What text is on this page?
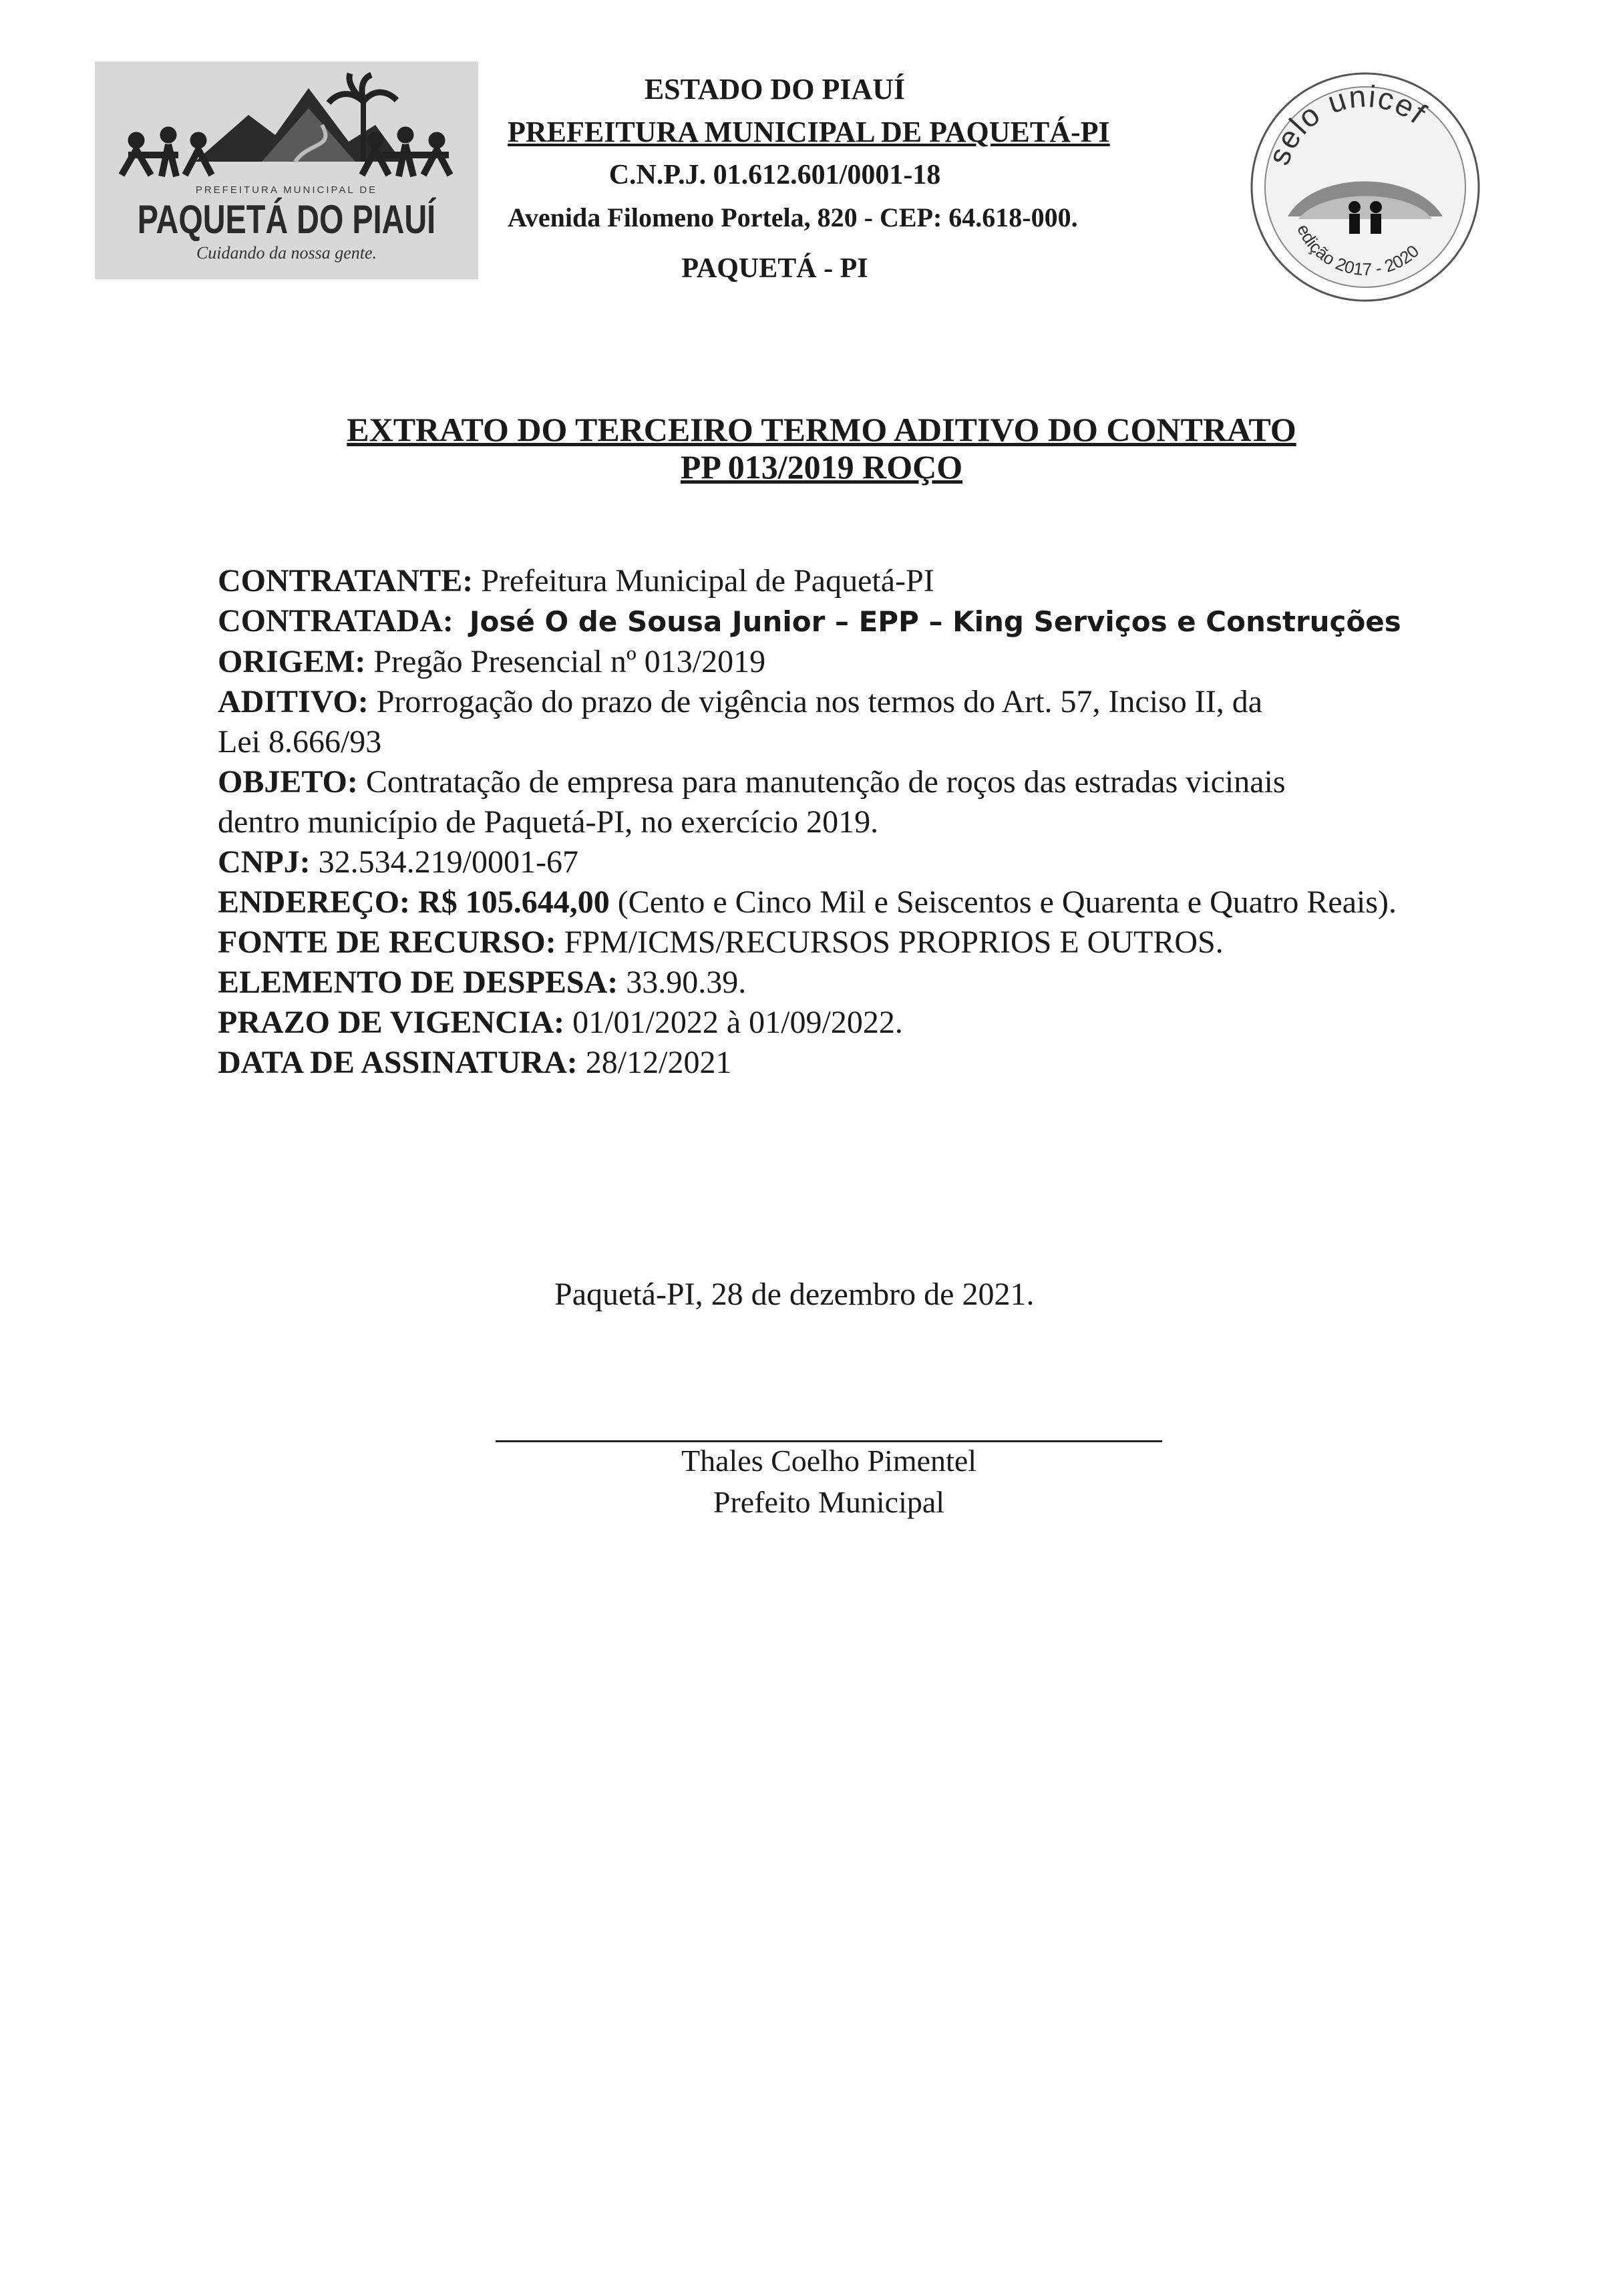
PREFEITURA MUNICIPAL DE
PAQUETÁ DO PIAUÍ
Cuidando da nossa gente.
ESTADO DO PIAUÍ
PREFEITURA MUNICIPAL DE PAQUETÁ-PI
C.N.P.J. 01.612.601/0001-18
Avenida Filomeno Portela, 820 - CEP: 64.618-000.
PAQUETÁ - PI
selo unicef
edição 2017 - 2020
EXTRATO DO TERCEIRO TERMO ADITIVO DO CONTRATO
PP 013/2019 ROÇO
CONTRATANTE: Prefeitura Municipal de Paquetá-PI
CONTRATADA: José O de Sousa Junior – EPP – King Serviços e Construções
ORIGEM: Pregão Presencial nº 013/2019
ADITIVO: Prorrogação do prazo de vigência nos termos do Art. 57, Inciso II, da
Lei 8.666/93
OBJETO: Contratação de empresa para manutenção de roços das estradas vicinais
dentro município de Paquetá-PI, no exercício 2019.
CNPJ: 32.534.219/0001-67
ENDEREÇO: R$ 105.644,00 (Cento e Cinco Mil e Seiscentos e Quarenta e Quatro Reais).
FONTE DE RECURSO: FPM/ICMS/RECURSOS PROPRIOS E OUTROS.
ELEMENTO DE DESPESA: 33.90.39.
PRAZO DE VIGENCIA: 01/01/2022 à 01/09/2022.
DATA DE ASSINATURA: 28/12/2021
Paquetá-PI, 28 de dezembro de 2021.
Thales Coelho Pimentel
Prefeito Municipal
